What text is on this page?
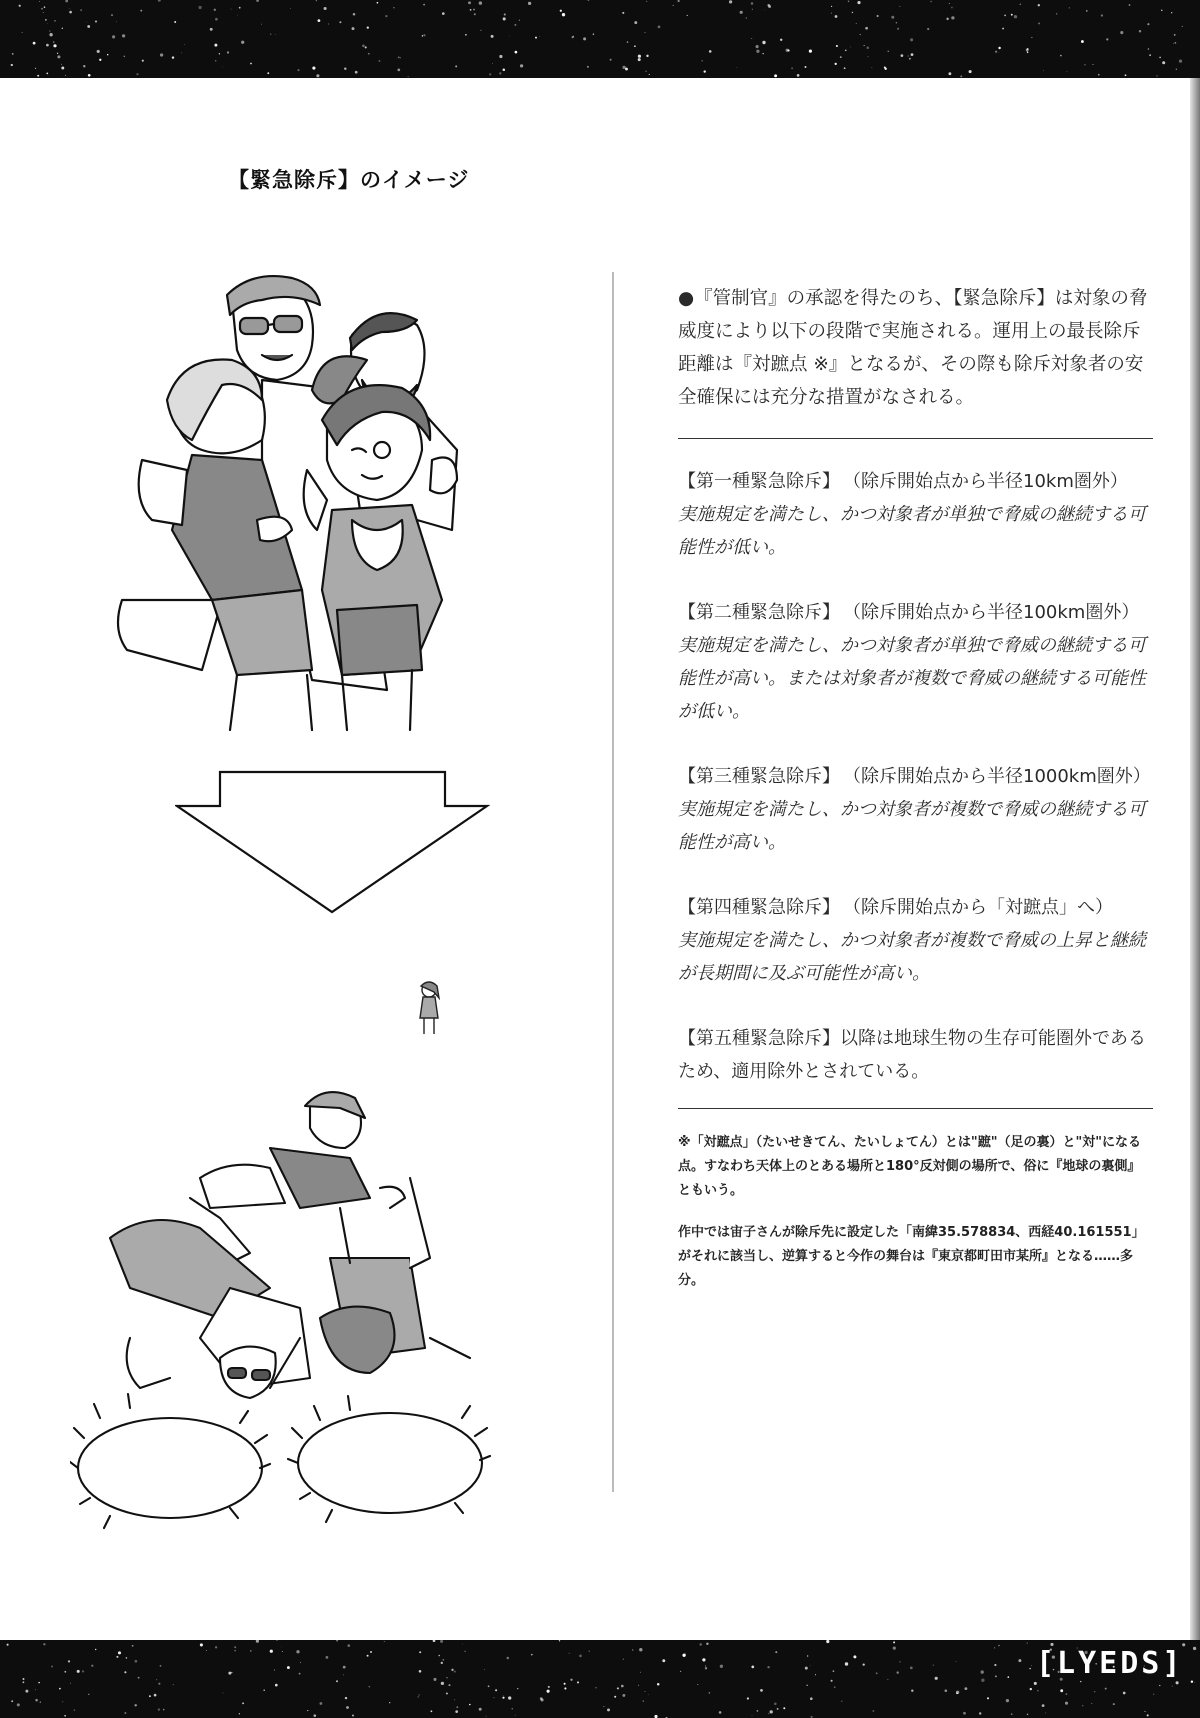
【緊急除斥】のイメージ

●『管制官』の承認を得たのち、【緊急除斥】は対象の脅威度により以下の段階で実施される。運用上の最長除斥距離は『対蹠点 ※』となるが、その際も除斥対象者の安全確保には充分な措置がなされる。

【第一種緊急除斥】 （除斥開始点から半径10km圏外）

実施規定を満たし、かつ対象者が単独で脅威の継続する可能性が低い。

【第二種緊急除斥】 （除斥開始点から半径100km圏外）

実施規定を満たし、かつ対象者が単独で脅威の継続する可能性が高い。または対象者が複数で脅威の継続する可能性が低い。

【第三種緊急除斥】 （除斥開始点から半径1000km圏外）

実施規定を満たし、かつ対象者が複数で脅威の継続する可能性が高い。

【第四種緊急除斥】 （除斥開始点から「対蹠点」へ）

実施規定を満たし、かつ対象者が複数で脅威の上昇と継続が長期間に及ぶ可能性が高い。

【第五種緊急除斥】以降は地球生物の生存可能圏外であるため、適用除外とされている。

※「対蹠点」（たいせきてん、たいしょてん）とは"蹠"（足の裏）と"対"になる点。すなわち天体上のとある場所と180°反対側の場所で、俗に『地球の裏側』ともいう。

作中では宙子さんが除斥先に設定した「南緯35.578834、西経40.161551」がそれに該当し、逆算すると今作の舞台は『東京都町田市某所』となる……多分。

[LYEDS]
